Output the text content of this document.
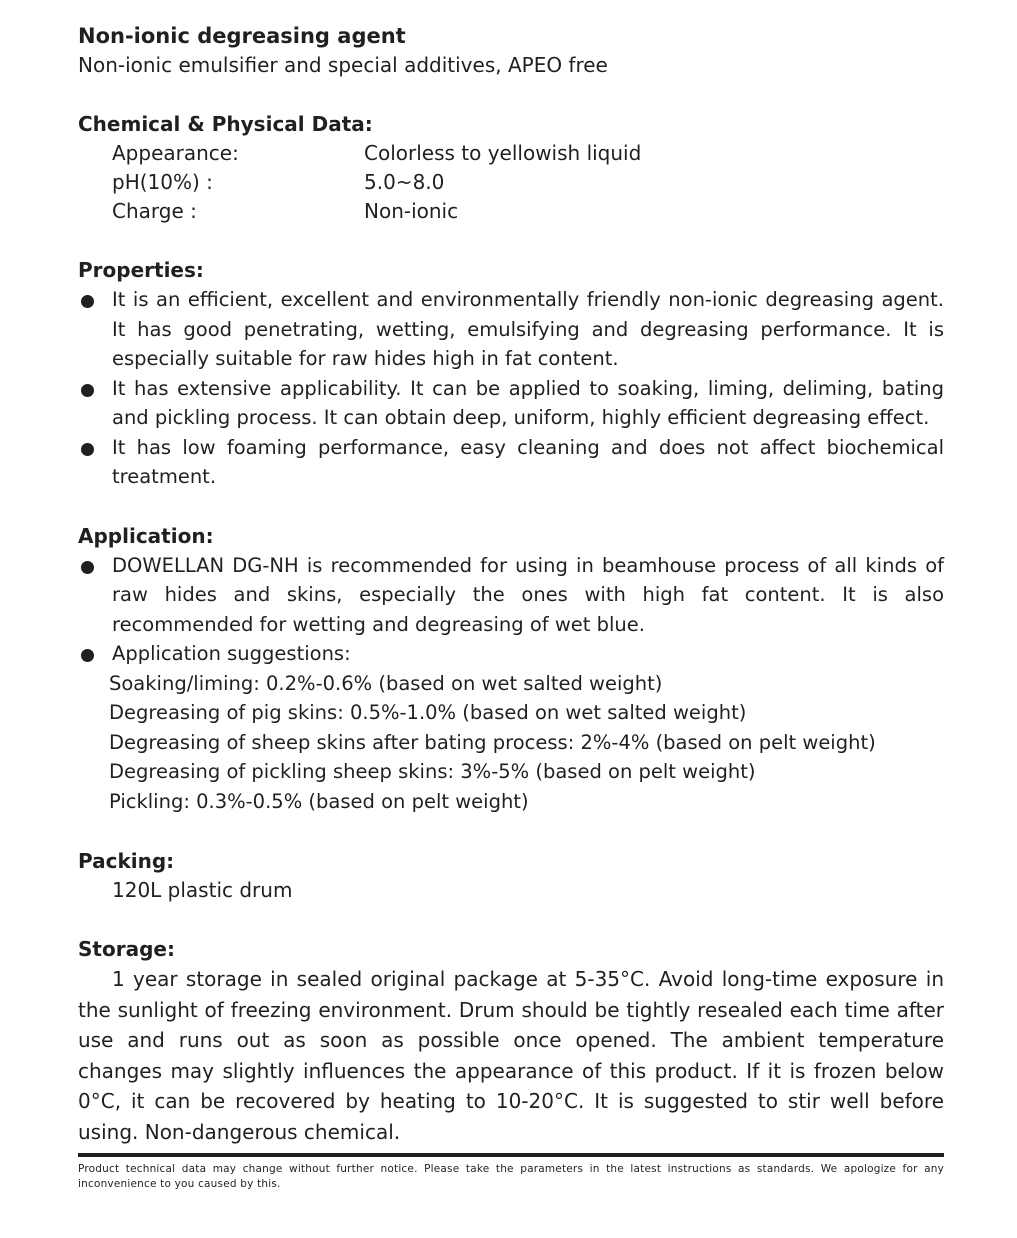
Non-ionic degreasing agent

Non-ionic emulsifier and special additives, APEO free

Chemical & Physical Data:

Appearance:	Colorless to yellowish liquid
pH(10%) :	5.0~8.0
Charge :	Non-ionic

Properties:

It is an efficient, excellent and environmentally friendly non-ionic degreasing agent. It has good penetrating, wetting, emulsifying and degreasing performance. It is especially suitable for raw hides high in fat content.
It has extensive applicability. It can be applied to soaking, liming, deliming, bating and pickling process. It can obtain deep, uniform, highly efficient degreasing effect.
It has low foaming performance, easy cleaning and does not affect biochemical treatment.

Application:

DOWELLAN DG-NH is recommended for using in beamhouse process of all kinds of raw hides and skins, especially the ones with high fat content. It is also recommended for wetting and degreasing of wet blue.
Application suggestions:
Soaking/liming: 0.2%-0.6% (based on wet salted weight)
Degreasing of pig skins: 0.5%-1.0% (based on wet salted weight)
Degreasing of sheep skins after bating process: 2%-4% (based on pelt weight)
Degreasing of pickling sheep skins: 3%-5% (based on pelt weight)
Pickling: 0.3%-0.5% (based on pelt weight)

Packing:

120L plastic drum

Storage:

1 year storage in sealed original package at 5-35°C. Avoid long-time exposure in the sunlight of freezing environment. Drum should be tightly resealed each time after use and runs out as soon as possible once opened. The ambient temperature changes may slightly influences the appearance of this product. If it is frozen below 0°C, it can be recovered by heating to 10-20°C. It is suggested to stir well before using. Non-dangerous chemical.

Product technical data may change without further notice. Please take the parameters in the latest instructions as standards. We apologize for any inconvenience to you caused by this.
